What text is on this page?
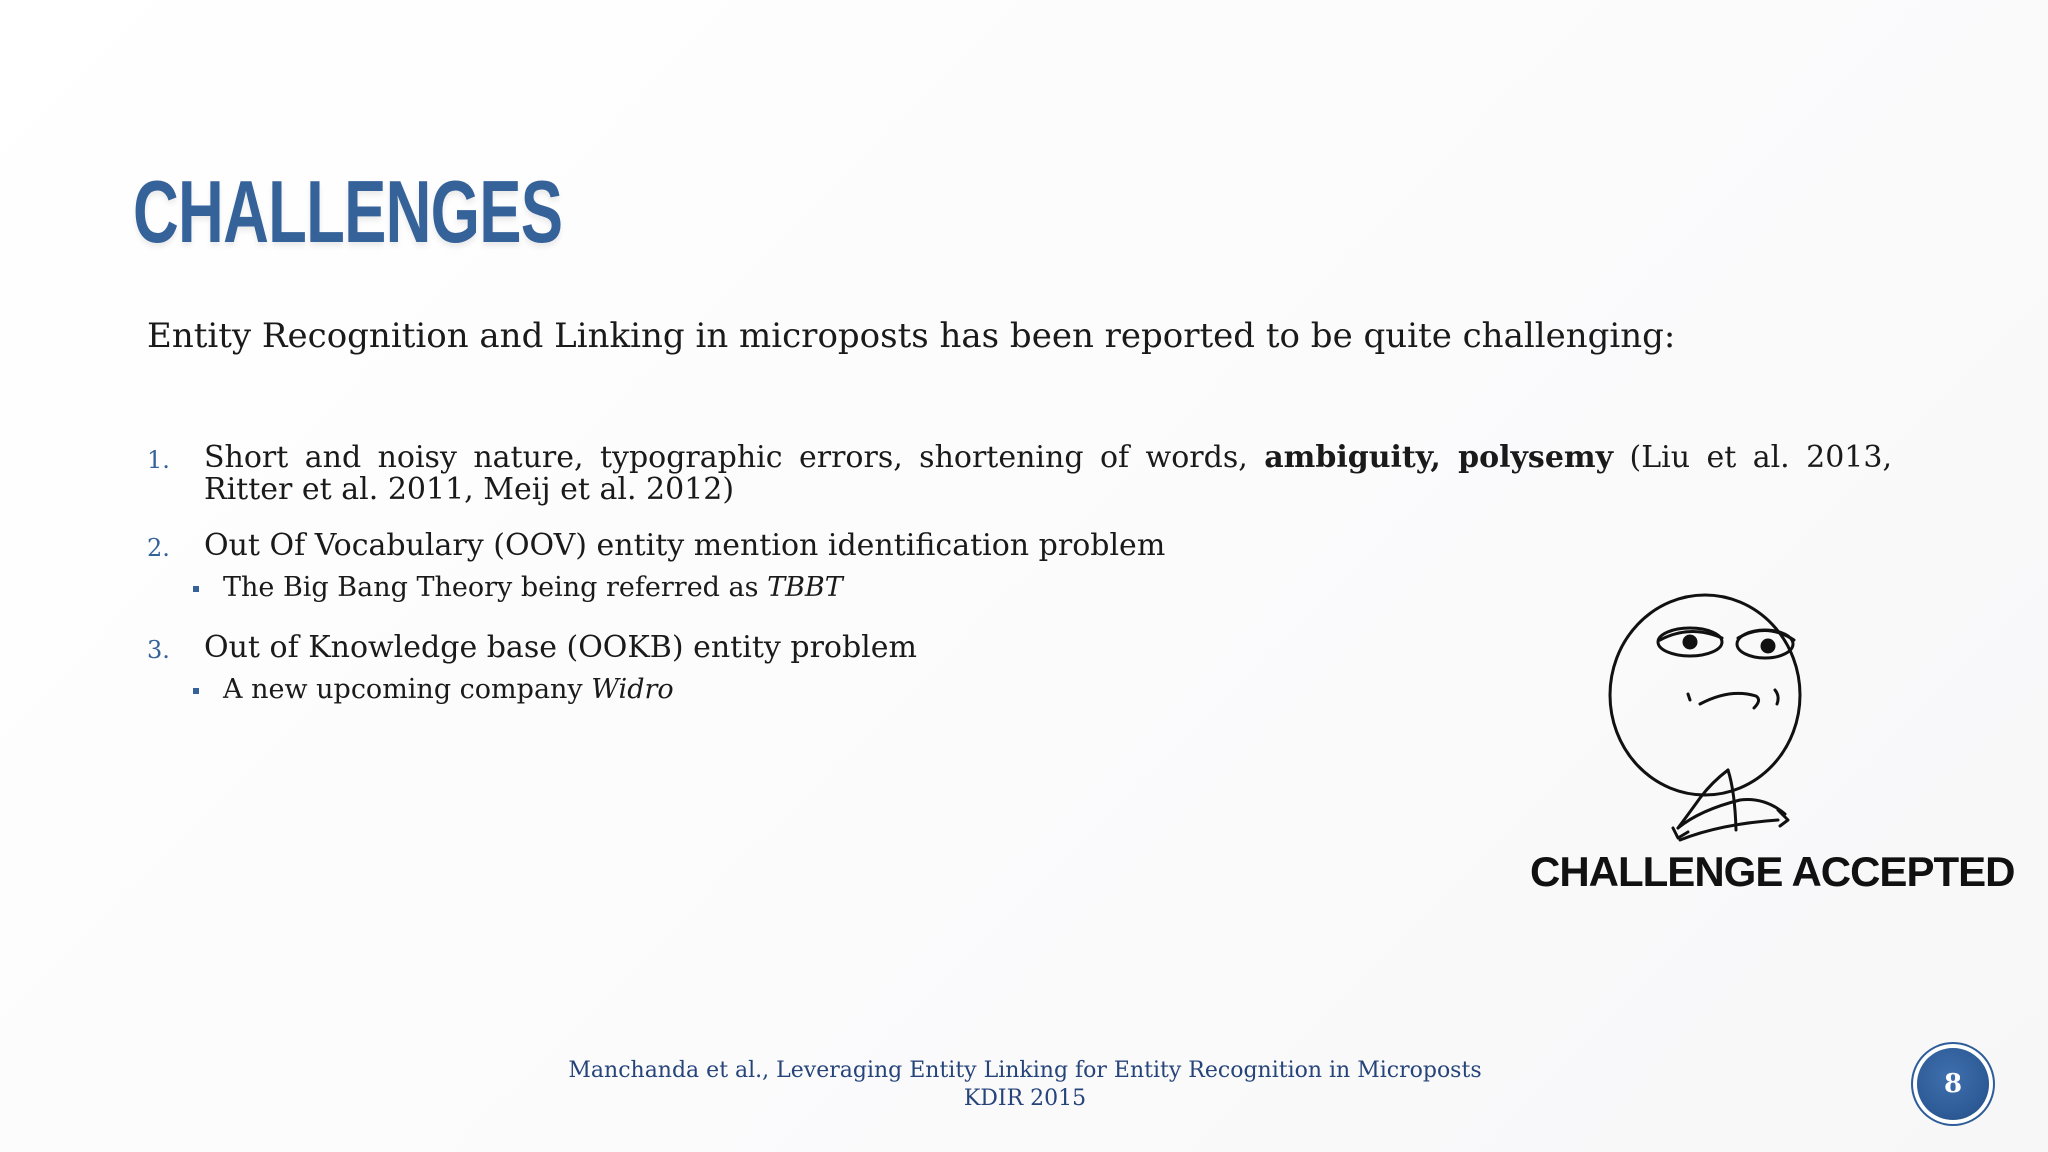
CHALLENGES
Entity Recognition and Linking in microposts has been reported to be quite challenging:
1. Short and noisy nature, typographic errors, shortening of words, ambiguity, polysemy (Liu et al. 2013, Ritter et al. 2011, Meij et al. 2012)
2. Out Of Vocabulary (OOV) entity mention identification problem
The Big Bang Theory being referred as TBBT
3. Out of Knowledge base (OOKB) entity problem
A new upcoming company Widro
CHALLENGE ACCEPTED
Manchanda et al., Leveraging Entity Linking for Entity Recognition in Microposts
KDIR 2015	8
